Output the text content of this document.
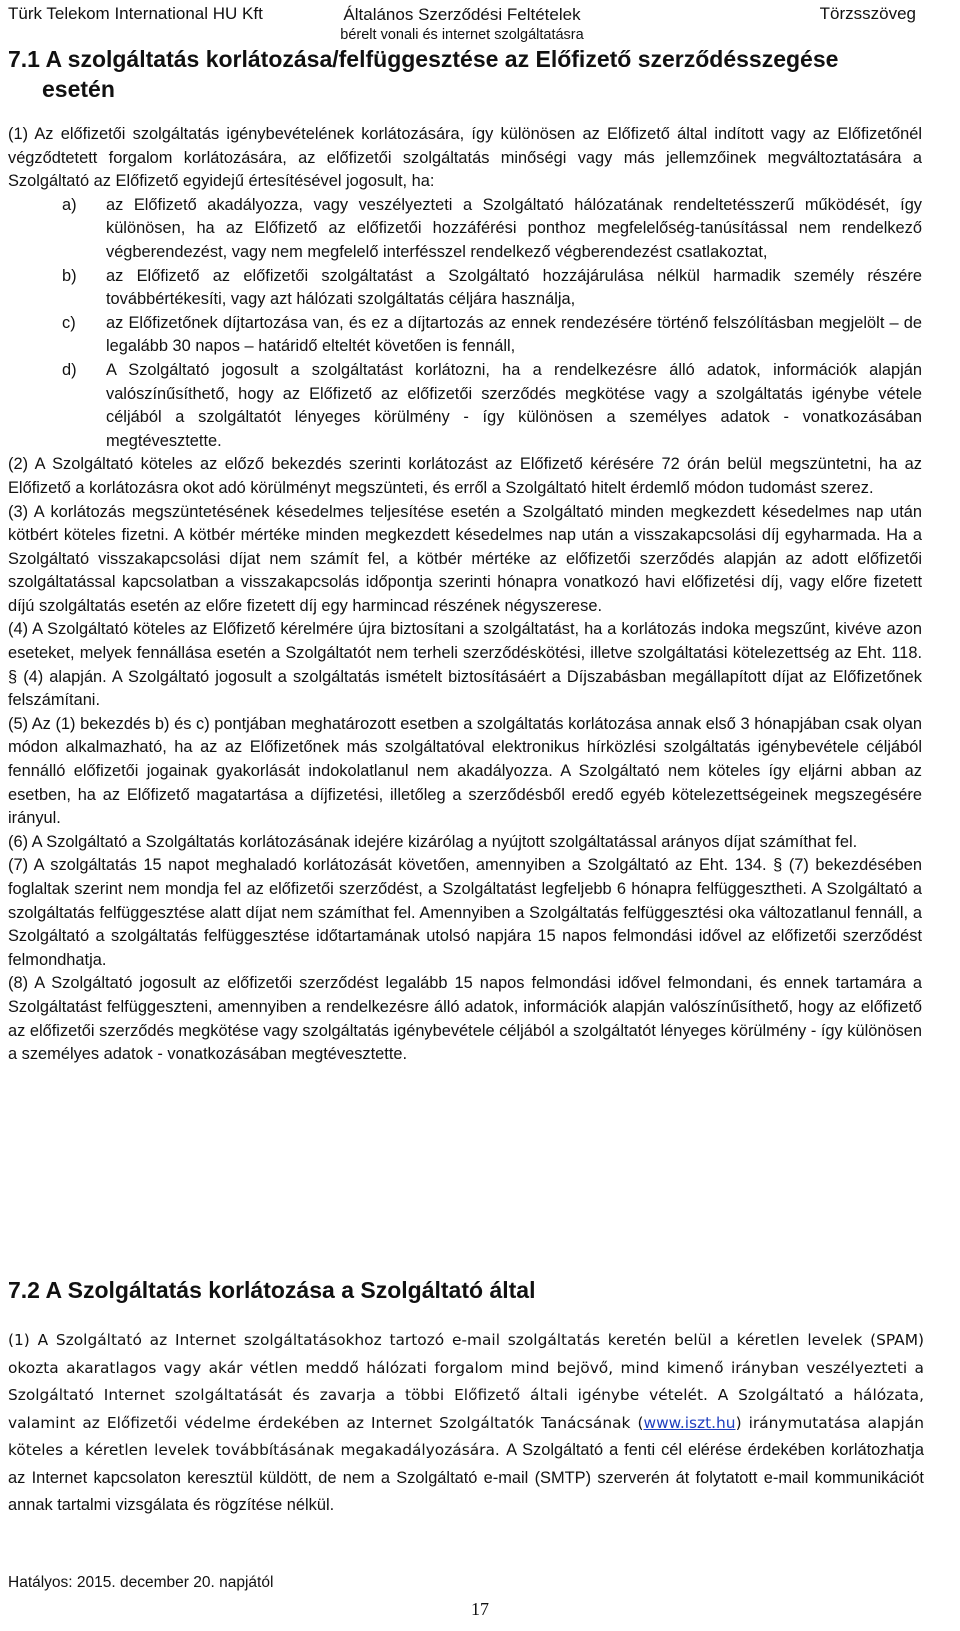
Türk Telekom International HU Kft	Általános Szerződési Feltételek
bérelt vonali és internet szolgáltatásra
Törzsszöveg
7.1 A szolgáltatás korlátozása/felfüggesztése az Előfizető szerződésszegése
esetén

(1) Az előfizetői szolgáltatás igénybevételének korlátozására, így különösen az Előfizető által indított vagy az Előfizetőnél végződtetett forgalom korlátozására, az előfizetői szolgáltatás minőségi vagy más jellemzőinek megváltoztatására a Szolgáltató az Előfizető egyidejű értesítésével jogosult, ha:

a) az Előfizető akadályozza, vagy veszélyezteti a Szolgáltató hálózatának rendeltetésszerű működését, így különösen, ha az Előfizető az előfizetői hozzáférési ponthoz megfelelőség-tanúsítással nem rendelkező végberendezést, vagy nem megfelelő interfésszel rendelkező végberendezést csatlakoztat,
b) az Előfizető az előfizetői szolgáltatást a Szolgáltató hozzájárulása nélkül harmadik személy részére továbbértékesíti, vagy azt hálózati szolgáltatás céljára használja,
c) az Előfizetőnek díjtartozása van, és ez a díjtartozás az ennek rendezésére történő felszólításban megjelölt – de legalább 30 napos – határidő elteltét követően is fennáll,
d) A Szolgáltató jogosult a szolgáltatást korlátozni, ha a rendelkezésre álló adatok, információk alapján valószínűsíthető, hogy az Előfizető az előfizetői szerződés megkötése vagy a szolgáltatás igénybe vétele céljából a szolgáltatót lényeges körülmény - így különösen a személyes adatok - vonatkozásában megtévesztette.

(2) A Szolgáltató köteles az előző bekezdés szerinti korlátozást az Előfizető kérésére 72 órán belül megszüntetni, ha az Előfizető a korlátozásra okot adó körülményt megszünteti, és erről a Szolgáltató hitelt érdemlő módon tudomást szerez.

(3) A korlátozás megszüntetésének késedelmes teljesítése esetén a Szolgáltató minden megkezdett késedelmes nap után kötbért köteles fizetni. A kötbér mértéke minden megkezdett késedelmes nap után a visszakapcsolási díj egyharmada. Ha a Szolgáltató visszakapcsolási díjat nem számít fel, a kötbér mértéke az előfizetői szerződés alapján az adott előfizetői szolgáltatással kapcsolatban a visszakapcsolás időpontja szerinti hónapra vonatkozó havi előfizetési díj, vagy előre fizetett díjú szolgáltatás esetén az előre fizetett díj egy harmincad részének négyszerese.

(4) A Szolgáltató köteles az Előfizető kérelmére újra biztosítani a szolgáltatást, ha a korlátozás indoka megszűnt, kivéve azon eseteket, melyek fennállása esetén a Szolgáltatót nem terheli szerződéskötési, illetve szolgáltatási kötelezettség az Eht. 118. § (4) alapján. A Szolgáltató jogosult a szolgáltatás ismételt biztosításáért a Díjszabásban megállapított díjat az Előfizetőnek felszámítani.

(5) Az (1) bekezdés b) és c) pontjában meghatározott esetben a szolgáltatás korlátozása annak első 3 hónapjában csak olyan módon alkalmazható, ha az az Előfizetőnek más szolgáltatóval elektronikus hírközlési szolgáltatás igénybevétele céljából fennálló előfizetői jogainak gyakorlását indokolatlanul nem akadályozza. A Szolgáltató nem köteles így eljárni abban az esetben, ha az Előfizető magatartása a díjfizetési, illetőleg a szerződésből eredő egyéb kötelezettségeinek megszegésére irányul.

(6) A Szolgáltató a Szolgáltatás korlátozásának idejére kizárólag a nyújtott szolgáltatással arányos díjat számíthat fel.

(7) A szolgáltatás 15 napot meghaladó korlátozását követően, amennyiben a Szolgáltató az Eht. 134. § (7) bekezdésében foglaltak szerint nem mondja fel az előfizetői szerződést, a Szolgáltatást legfeljebb 6 hónapra felfüggesztheti. A Szolgáltató a szolgáltatás felfüggesztése alatt díjat nem számíthat fel. Amennyiben a Szolgáltatás felfüggesztési oka változatlanul fennáll, a Szolgáltató a szolgáltatás felfüggesztése időtartamának utolsó napjára 15 napos felmondási idővel az előfizetői szerződést felmondhatja.

(8) A Szolgáltató jogosult az előfizetői szerződést legalább 15 napos felmondási idővel felmondani, és ennek tartamára a Szolgáltatást felfüggeszteni, amennyiben a rendelkezésre álló adatok, információk alapján valószínűsíthető, hogy az előfizető az előfizetői szerződés megkötése vagy szolgáltatás igénybevétele céljából a szolgáltatót lényeges körülmény - így különösen a személyes adatok - vonatkozásában megtévesztette.

7.2 A Szolgáltatás korlátozása a Szolgáltató által
(1) A Szolgáltató az Internet szolgáltatásokhoz tartozó e-mail szolgáltatás keretén belül a kéretlen levelek (SPAM) okozta akaratlagos vagy akár vétlen meddő hálózati forgalom mind bejövő, mind kimenő irányban veszélyezteti a Szolgáltató Internet szolgáltatását és zavarja a többi Előfizető általi igénybe vételét. A Szolgáltató a hálózata, valamint az Előfizetői védelme érdekében az Internet Szolgáltatók Tanácsának (www.iszt.hu) iránymutatása alapján köteles a kéretlen levelek továbbításának megakadályozására. A Szolgáltató a fenti cél elérése érdekében korlátozhatja az Internet kapcsolaton keresztül küldött, de nem a Szolgáltató e-mail (SMTP) szerverén át folytatott e-mail kommunikációt annak tartalmi vizsgálata és rögzítése nélkül.
Hatályos: 2015. december 20. napjától
17
